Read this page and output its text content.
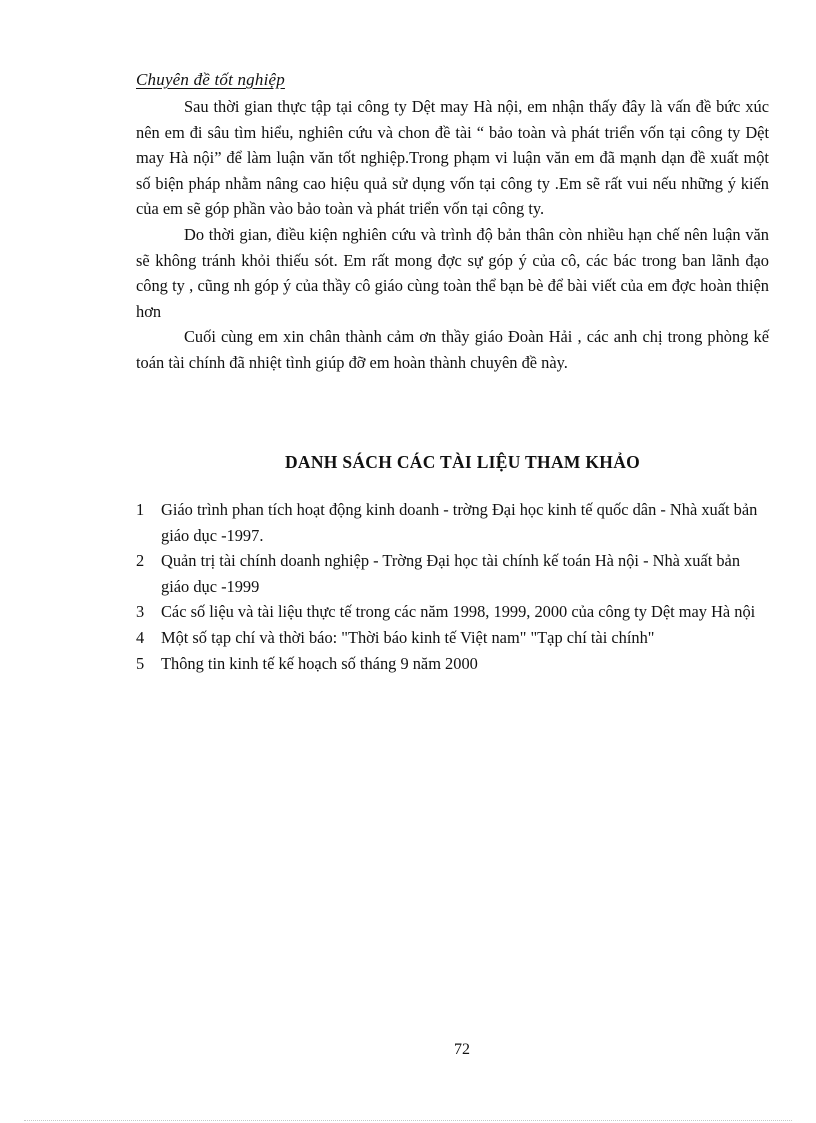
Chuyên đề tốt nghiệp

Sau thời gian thực tập tại công ty Dệt may Hà nội, em nhận thấy đây là vấn đề bức xúc nên em đi sâu tìm hiểu, nghiên cứu và chon đề tài “ bảo toàn và phát triển vốn tại công ty Dệt may Hà nội” để làm luận văn tốt nghiệp.Trong phạm vi luận văn em đã mạnh dạn đề xuất một số biện pháp nhằm nâng cao hiệu quả sử dụng vốn tại công ty .Em sẽ rất vui nếu những ý kiến của em sẽ góp phần vào bảo toàn và phát triển vốn tại công ty.

Do thời gian, điều kiện nghiên cứu và trình độ bản thân còn nhiều hạn chế nên luận văn sẽ không tránh khỏi thiếu sót. Em rất mong đợc sự góp ý của cô, các bác trong ban lãnh đạo công ty , cũng nh góp ý của thầy cô giáo cùng toàn thể bạn bè để bài viết của em đợc hoàn thiện hơn

Cuối cùng em xin chân thành cảm ơn thầy giáo Đoàn Hải , các anh chị trong phòng kế toán tài chính đã nhiệt tình giúp đỡ em hoàn thành chuyên đề này.

DANH SÁCH CÁC TÀI LIỆU THAM KHẢO
1	Giáo trình phan tích hoạt động kinh doanh - trờng Đại học kinh tế quốc dân - Nhà xuất bản giáo dục -1997.
2	Quản trị tài chính doanh nghiệp - Trờng Đại học tài chính kế toán Hà nội - Nhà xuất bản giáo dục -1999
3	Các số liệu và tài liệu thực tế trong các năm 1998, 1999, 2000 của công ty Dệt may Hà nội
4	Một số tạp chí và thời báo: "Thời báo kinh tế Việt nam" "Tạp chí tài chính"
5	Thông tin kinh tế kế hoạch số tháng 9 năm 2000
72
